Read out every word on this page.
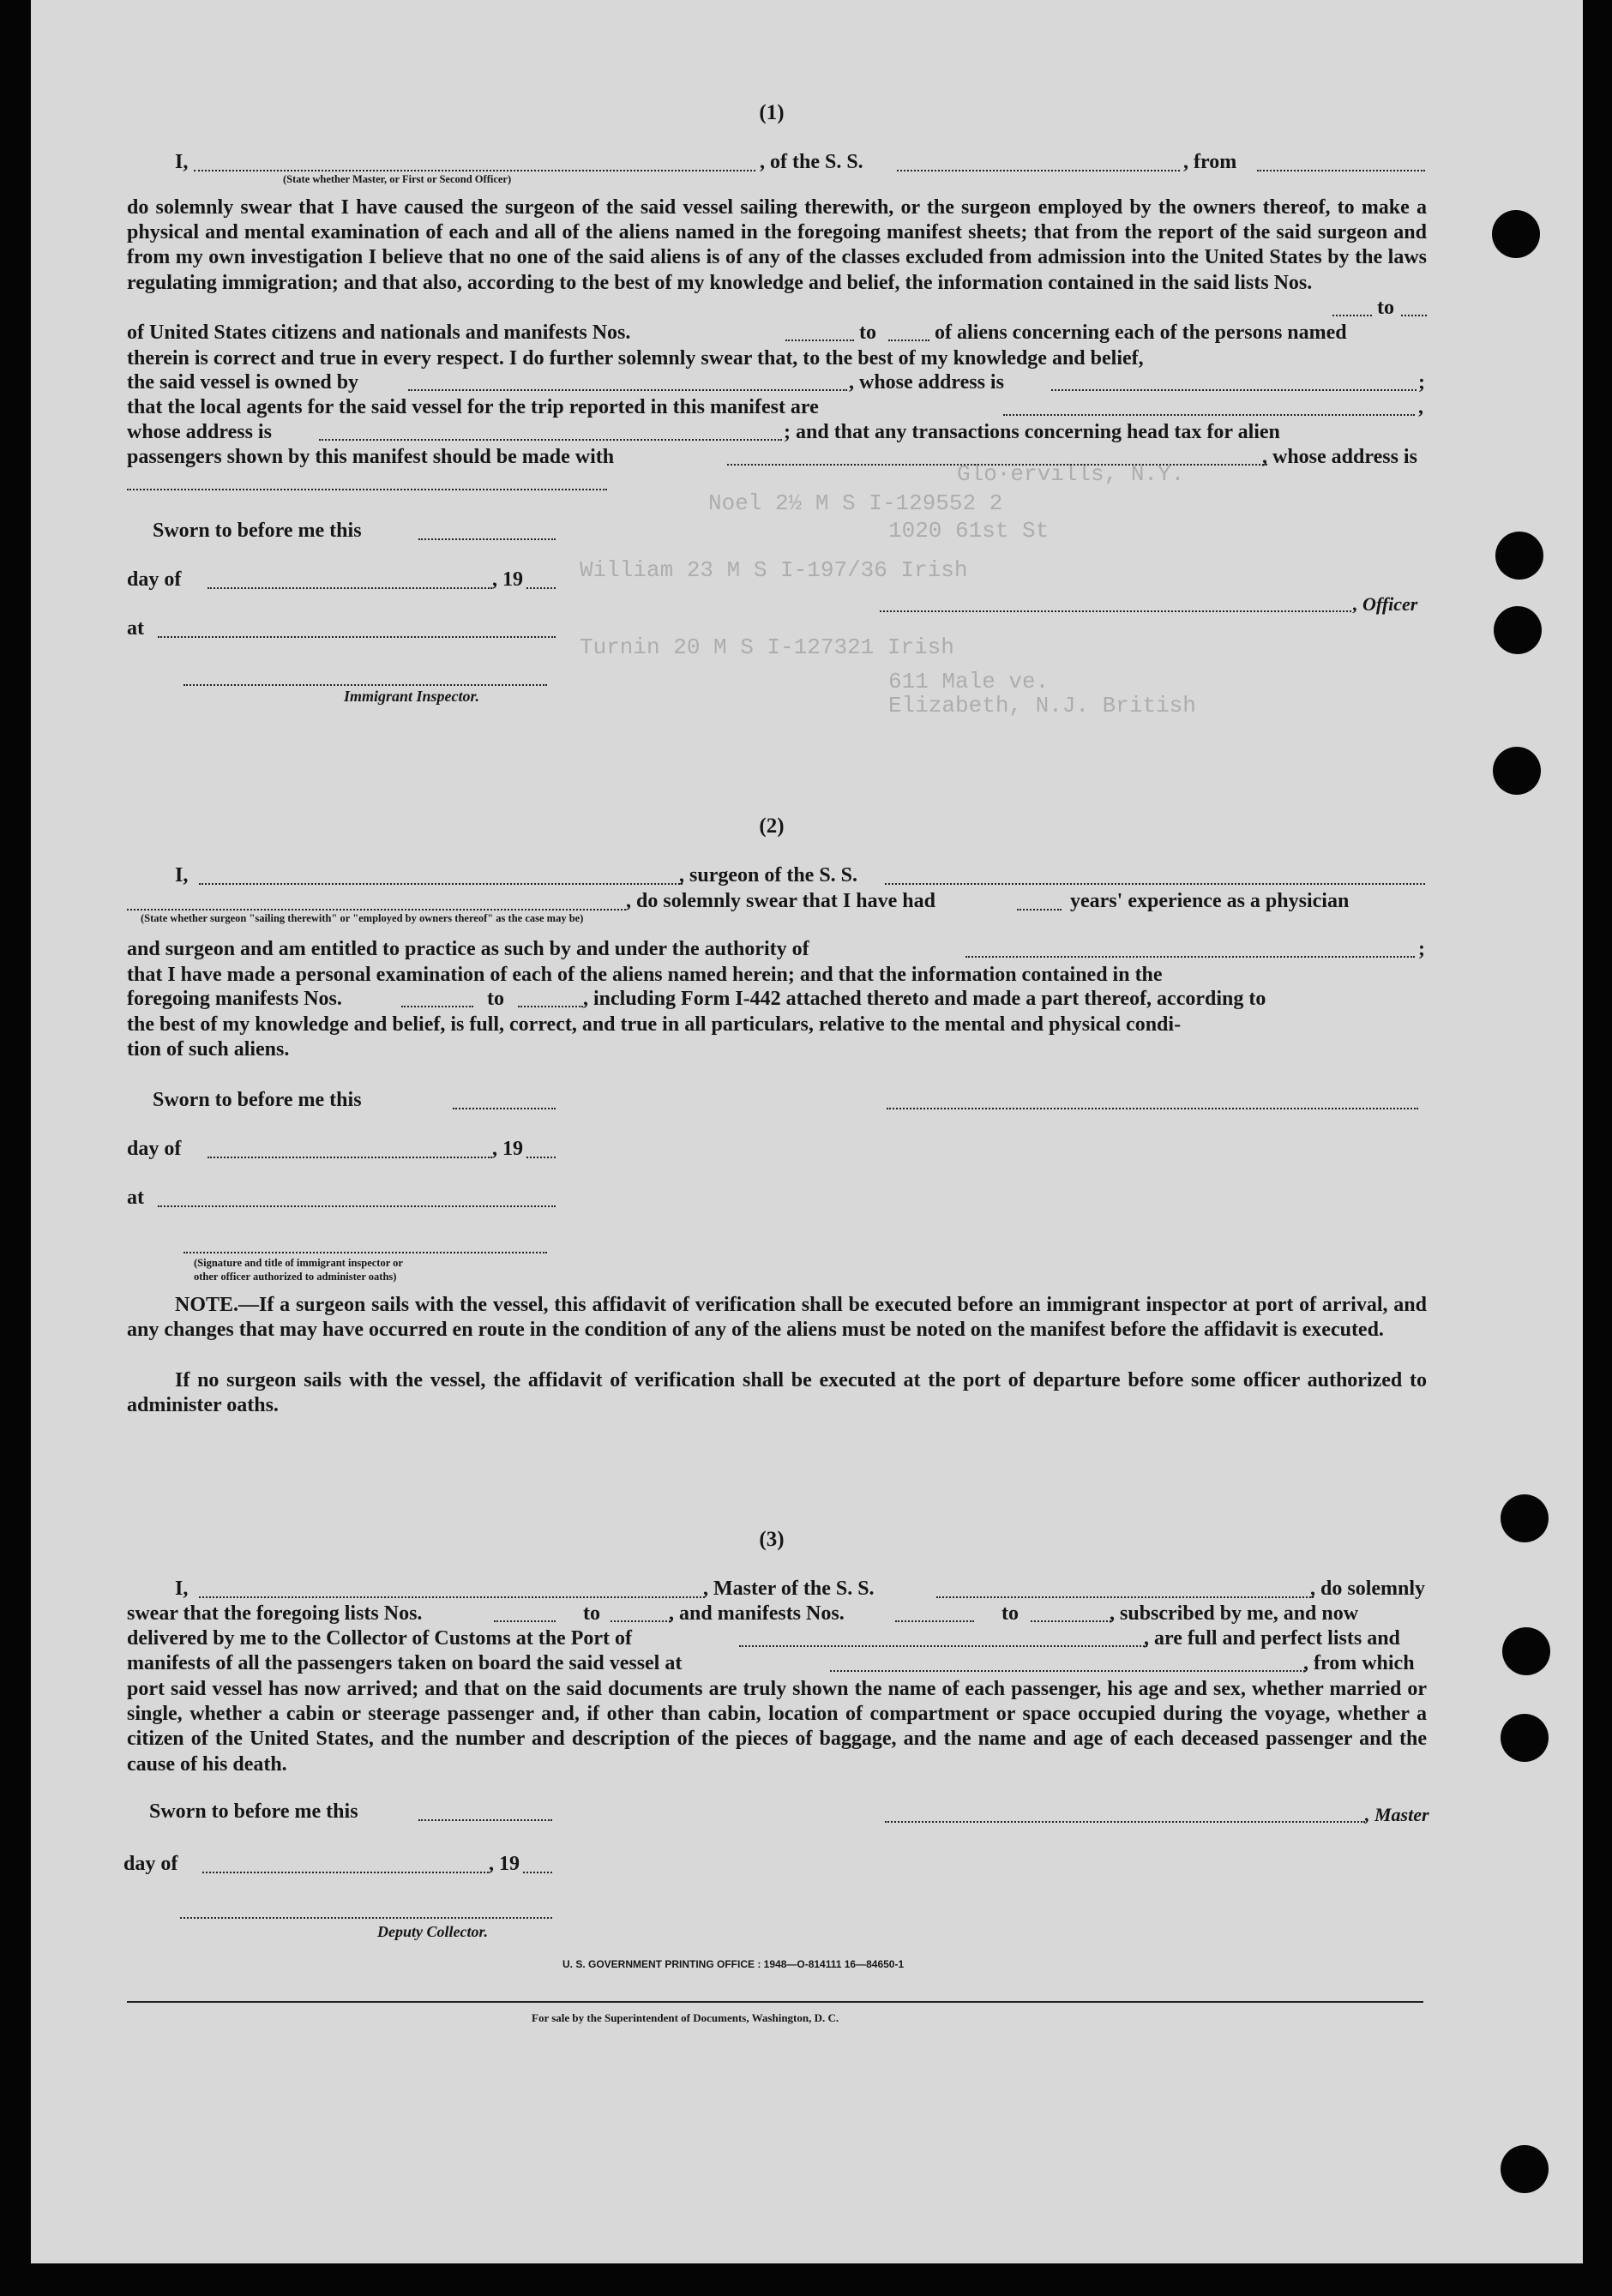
Glo·ervills, N.Y.
Noel 2½ M S I-129552 2
1020 61st St
William 23 M S I-197/36 Irish
Turnin 20 M S I-127321 Irish
611 Male ve.
Elizabeth, N.J. British
(1)
I,	, of the S. S.	, from
(State whether Master, or First or Second Officer)
do solemnly swear that I have caused the surgeon of the said vessel sailing therewith, or the surgeon employed by the owners thereof, to make a physical and mental examination of each and all of the aliens named in the foregoing manifest sheets; that from the report of the said surgeon and from my own investigation I believe that no one of the said aliens is of any of the classes excluded from admission into the United States by the laws regulating immigration; and that also, according to the best of my knowledge and belief, the information contained in the said lists Nos.
to
of United States citizens and nationals and manifests Nos.	to	of aliens concerning each of the persons named
therein is correct and true in every respect. I do further solemnly swear that, to the best of my knowledge and belief,
the said vessel is owned by	, whose address is	;
that the local agents for the said vessel for the trip reported in this manifest are	,
whose address is	; and that any transactions concerning head tax for alien
passengers shown by this manifest should be made with	, whose address is
Sworn to before me this
day of	, 19
, Officer
at
Immigrant Inspector.
(2)
I,	, surgeon of the S. S.
, do solemnly swear that I have had	years' experience as a physician
(State whether surgeon "sailing therewith" or "employed by owners thereof" as the case may be)
and surgeon and am entitled to practice as such by and under the authority of	;
that I have made a personal examination of each of the aliens named herein; and that the information contained in the
foregoing manifests Nos.	to	, including Form I-442 attached thereto and made a part thereof, according to
the best of my knowledge and belief, is full, correct, and true in all particulars, relative to the mental and physical condi-
tion of such aliens.
Sworn to before me this
day of	, 19
at
(Signature and title of immigrant inspector or
other officer authorized to administer oaths)
NOTE.—If a surgeon sails with the vessel, this affidavit of verification shall be executed before an immigrant inspector at port of arrival, and any changes that may have occurred en route in the condition of any of the aliens must be noted on the manifest before the affidavit is executed.
If no surgeon sails with the vessel, the affidavit of verification shall be executed at the port of departure before some officer authorized to administer oaths.
(3)
I,	, Master of the S. S.	, do solemnly
swear that the foregoing lists Nos.	to	, and manifests Nos.	to	, subscribed by me, and now
delivered by me to the Collector of Customs at the Port of	, are full and perfect lists and
manifests of all the passengers taken on board the said vessel at	, from which
port said vessel has now arrived; and that on the said documents are truly shown the name of each passenger, his age and sex, whether married or single, whether a cabin or steerage passenger and, if other than cabin, location of compartment or space occupied during the voyage, whether a citizen of the United States, and the number and description of the pieces of baggage, and the name and age of each deceased passenger and the cause of his death.
Sworn to before me this	, Master
day of	, 19
Deputy Collector.
U. S. GOVERNMENT PRINTING OFFICE : 1948—O-814111 16—84650-1
For sale by the Superintendent of Documents, Washington, D. C.
